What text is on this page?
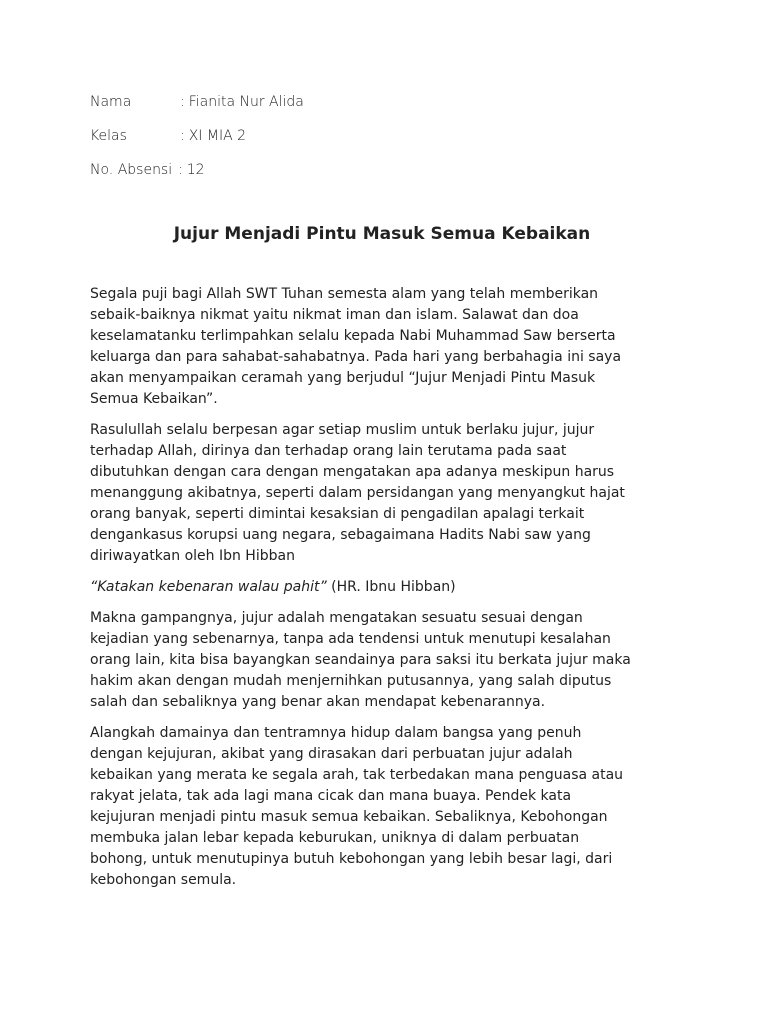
Nama	: Fianita Nur Alida
Kelas	: XI MIA 2
No. Absensi : 12
Jujur Menjadi Pintu Masuk Semua Kebaikan

Segala puji bagi Allah SWT Tuhan semesta alam yang telah memberikan
sebaik-baiknya nikmat yaitu nikmat iman dan islam. Salawat dan doa
keselamatanku terlimpahkan selalu kepada Nabi Muhammad Saw berserta
keluarga dan para sahabat-sahabatnya. Pada hari yang berbahagia ini saya
akan menyampaikan ceramah yang berjudul “Jujur Menjadi Pintu Masuk
Semua Kebaikan”.

Rasulullah selalu berpesan agar setiap muslim untuk berlaku jujur, jujur
terhadap Allah, dirinya dan terhadap orang lain terutama pada saat
dibutuhkan dengan cara dengan mengatakan apa adanya meskipun harus
menanggung akibatnya, seperti dalam persidangan yang menyangkut hajat
orang banyak, seperti dimintai kesaksian di pengadilan apalagi terkait
dengankasus korupsi uang negara, sebagaimana Hadits Nabi saw yang
diriwayatkan oleh Ibn Hibban

“Katakan kebenaran walau pahit” (HR. Ibnu Hibban)

Makna gampangnya, jujur adalah mengatakan sesuatu sesuai dengan
kejadian yang sebenarnya, tanpa ada tendensi untuk menutupi kesalahan
orang lain, kita bisa bayangkan seandainya para saksi itu berkata jujur maka
hakim akan dengan mudah menjernihkan putusannya, yang salah diputus
salah dan sebaliknya yang benar akan mendapat kebenarannya.

Alangkah damainya dan tentramnya hidup dalam bangsa yang penuh
dengan kejujuran, akibat yang dirasakan dari perbuatan jujur adalah
kebaikan yang merata ke segala arah, tak terbedakan mana penguasa atau
rakyat jelata, tak ada lagi mana cicak dan mana buaya. Pendek kata
kejujuran menjadi pintu masuk semua kebaikan. Sebaliknya, Kebohongan
membuka jalan lebar kepada keburukan, uniknya di dalam perbuatan
bohong, untuk menutupinya butuh kebohongan yang lebih besar lagi, dari
kebohongan semula.
